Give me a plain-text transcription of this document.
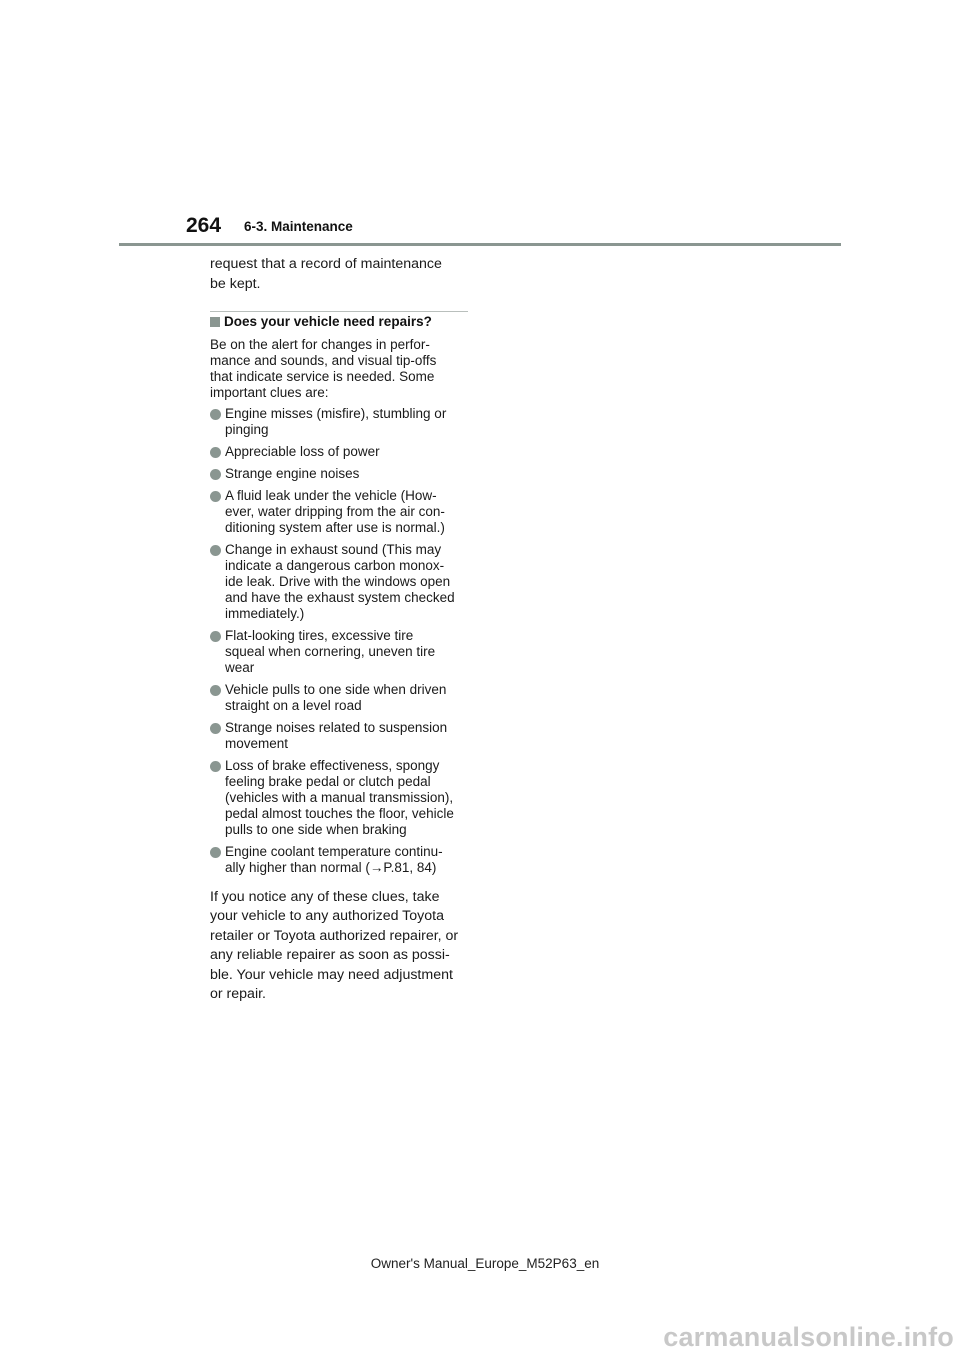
264 6-3. Maintenance

request that a record of maintenance

be kept.

Does your vehicle need repairs?

Be on the alert for changes in perfor-

mance and sounds, and visual tip-offs

that indicate service is needed. Some

important clues are:

Engine misses (misfire), stumbling or
pinging
Appreciable loss of power
Strange engine noises
A fluid leak under the vehicle (How-
ever, water dripping from the air con-
ditioning system after use is normal.)
Change in exhaust sound (This may
indicate a dangerous carbon monox-
ide leak. Drive with the windows open
and have the exhaust system checked
immediately.)
Flat-looking tires, excessive tire
squeal when cornering, uneven tire
wear
Vehicle pulls to one side when driven
straight on a level road
Strange noises related to suspension
movement
Loss of brake effectiveness, spongy
feeling brake pedal or clutch pedal
(vehicles with a manual transmission),
pedal almost touches the floor, vehicle
pulls to one side when braking
Engine coolant temperature continu-
ally higher than normal (→P.81, 84)

If you notice any of these clues, take

your vehicle to any authorized Toyota

retailer or Toyota authorized repairer, or

any reliable repairer as soon as possi-

ble. Your vehicle may need adjustment

or repair.

Owner's Manual_Europe_M52P63_en
carmanualsonline.info
